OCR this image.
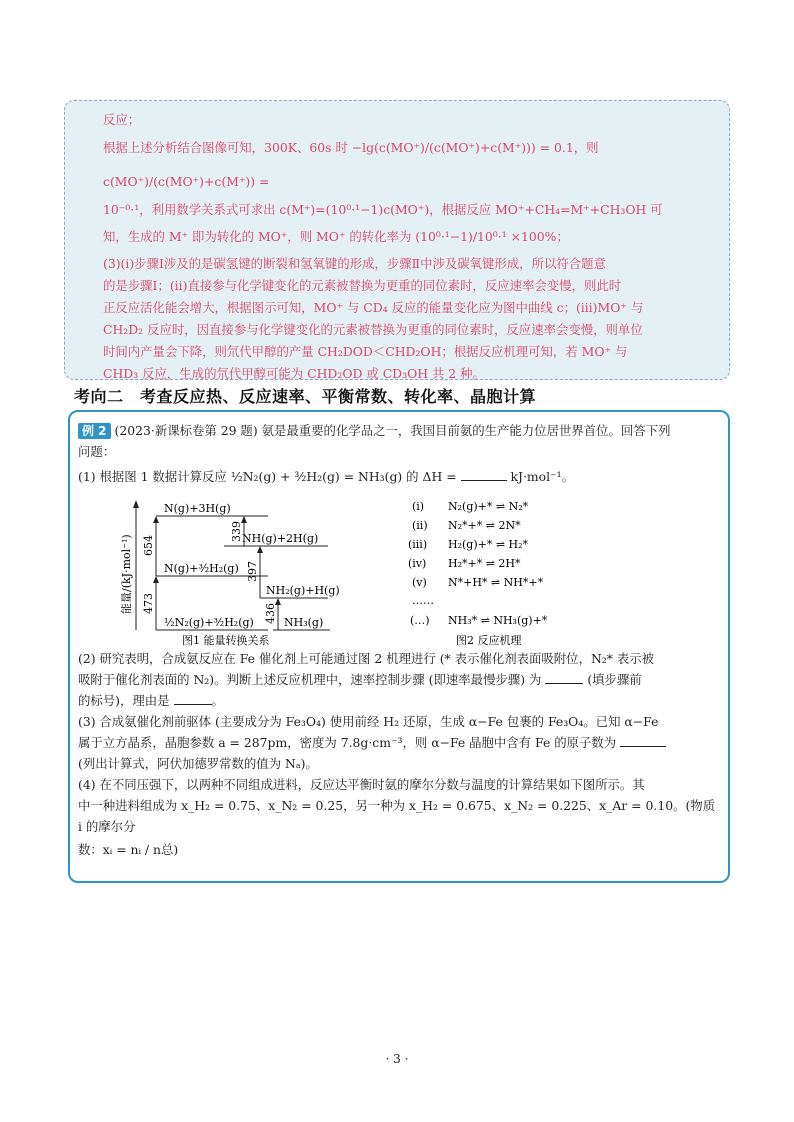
反应；

根据上述分析结合图像可知，300K、60s 时 −lg(c(MO⁺)/(c(MO⁺)+c(M⁺))) = 0.1，则 c(MO⁺)/(c(MO⁺)+c(M⁺)) =

10⁻⁰·¹，利用数学关系式可求出 c(M⁺)=(10⁰·¹−1)c(MO⁺)，根据反应 MO⁺+CH₄=M⁺+CH₃OH 可

知，生成的 M⁺ 即为转化的 MO⁺，则 MO⁺ 的转化率为 (10⁰·¹−1)/10⁰·¹ ×100%；

(3)(ⅰ)步骤Ⅰ涉及的是碳氢键的断裂和氢氧键的形成，步骤Ⅱ中涉及碳氧键形成，所以符合题意

的是步骤Ⅰ；(ⅱ)直接参与化学键变化的元素被替换为更重的同位素时，反应速率会变慢，则此时

正反应活化能会增大，根据图示可知，MO⁺ 与 CD₄ 反应的能量变化应为图中曲线 c；(ⅲ)MO⁺ 与

CH₂D₂ 反应时，因直接参与化学键变化的元素被替换为更重的同位素时，反应速率会变慢，则单位

时间内产量会下降，则氘代甲醇的产量 CH₂DOD＜CHD₂OH；根据反应机理可知，若 MO⁺ 与

CHD₃ 反应，生成的氘代甲醇可能为 CHD₂OD 或 CD₃OH 共 2 种。

考向二　考查反应热、反应速率、平衡常数、转化率、晶胞计算

例 2 (2023·新课标卷第 29 题) 氨是最重要的化学品之一，我国目前氨的生产能力位居世界首位。回答下列

问题：

(1) 根据图 1 数据计算反应 ½N₂(g) + ³⁄₂H₂(g) = NH₃(g) 的 ΔH =	kJ·mol⁻¹。

能量/(kJ·mol⁻¹)
N(g)+3H(g)
NH(g)+2H(g)
N(g)+³⁄₂H₂(g)
NH₂(g)+H(g)
½N₂(g)+³⁄₂H₂(g)	NH₃(g)
654
339
397
473	436
图1 能量转换关系
(ⅰ) N₂(g)+* ⇌ N₂*
(ⅱ) N₂*+* ⇌ 2N*
(ⅲ) H₂(g)+* ⇌ H₂*
(ⅳ) H₂*+* ⇌ 2H*
(ⅴ) N*+H* ⇌ NH*+*
……
(…) NH₃* ⇌ NH₃(g)+*
图2 反应机理

(2) 研究表明，合成氨反应在 Fe 催化剂上可能通过图 2 机理进行 (* 表示催化剂表面吸附位，N₂* 表示被

吸附于催化剂表面的 N₂)。判断上述反应机理中，速率控制步骤 (即速率最慢步骤) 为	(填步骤前

的标号)，理由是	。

(3) 合成氨催化剂前驱体 (主要成分为 Fe₃O₄) 使用前经 H₂ 还原，生成 α−Fe 包裹的 Fe₃O₄。已知 α−Fe

属于立方晶系，晶胞参数 a = 287pm，密度为 7.8g·cm⁻³，则 α−Fe 晶胞中含有 Fe 的原子数为

(列出计算式，阿伏加德罗常数的值为 Nₐ)。

(4) 在不同压强下，以两种不同组成进料，反应达平衡时氨的摩尔分数与温度的计算结果如下图所示。其

中一种进料组成为 x_H₂ = 0.75、x_N₂ = 0.25，另一种为 x_H₂ = 0.675、x_N₂ = 0.225、x_Ar = 0.10。(物质 i 的摩尔分

数：xᵢ = nᵢ / n总)

· 3 ·
